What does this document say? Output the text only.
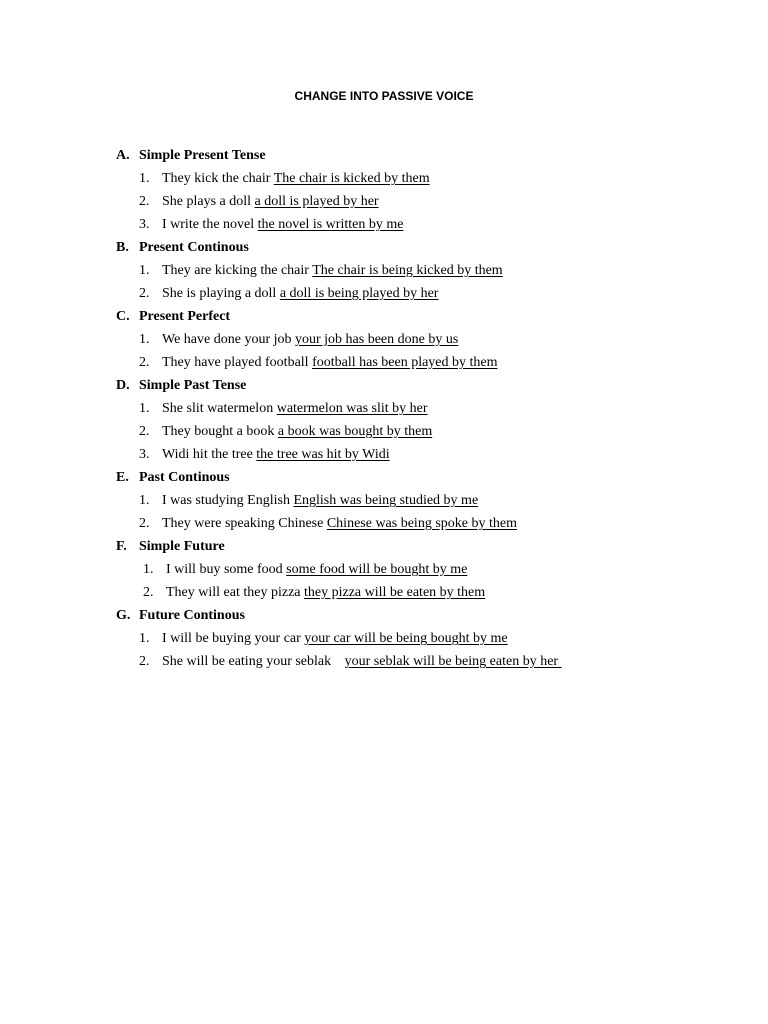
CHANGE INTO PASSIVE VOICE
A. Simple Present Tense
1. They kick the chair The chair is kicked by them
2. She plays a doll a doll is played by her
3. I write the novel the novel is written by me
B. Present Continous
1. They are kicking the chair The chair is being kicked by them
2. She is playing a doll a doll is being played by her
C. Present Perfect
1. We have done your job your job has been done by us
2. They have played football football has been played by them
D. Simple Past Tense
1. She slit watermelon watermelon was slit by her
2. They bought a book a book was bought by them
3. Widi hit the tree the tree was hit by Widi
E. Past Continous
1. I was studying English English was being studied by me
2. They were speaking Chinese Chinese was being spoke by them
F. Simple Future
1. I will buy some food some food will be bought by me
2. They will eat they pizza they pizza will be eaten by them
G. Future Continous
1. I will be buying your car your car will be being bought by me
2. She will be eating your seblak your seblak will be being eaten by her
